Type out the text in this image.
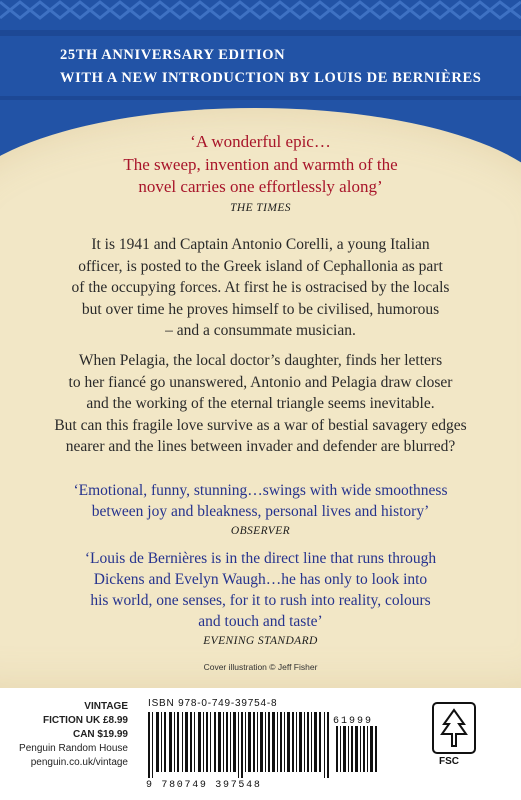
25TH ANNIVERSARY EDITION
WITH A NEW INTRODUCTION BY LOUIS DE BERNIÈRES
‘A wonderful epic…
The sweep, invention and warmth of the
novel carries one effortlessly along’
THE TIMES
It is 1941 and Captain Antonio Corelli, a young Italian
officer, is posted to the Greek island of Cephallonia as part
of the occupying forces. At first he is ostracised by the locals
but over time he proves himself to be civilised, humorous
– and a consummate musician.
When Pelagia, the local doctor’s daughter, finds her letters
to her fiancé go unanswered, Antonio and Pelagia draw closer
and the working of the eternal triangle seems inevitable.
But can this fragile love survive as a war of bestial savagery edges
nearer and the lines between invader and defender are blurred?
‘Emotional, funny, stunning…swings with wide smoothness
between joy and bleakness, personal lives and history’
OBSERVER
‘Louis de Bernières is in the direct line that runs through
Dickens and Evelyn Waugh…he has only to look into
his world, one senses, for it to rush into reality, colours
and touch and taste’
EVENING STANDARD
Cover illustration © Jeff Fisher
VINTAGE
FICTION UK £8.99
CAN $19.99
Penguin Random House
penguin.co.uk/vintage
ISBN 978-0-749-39754-8
61999
9 780749 397548
FSC
